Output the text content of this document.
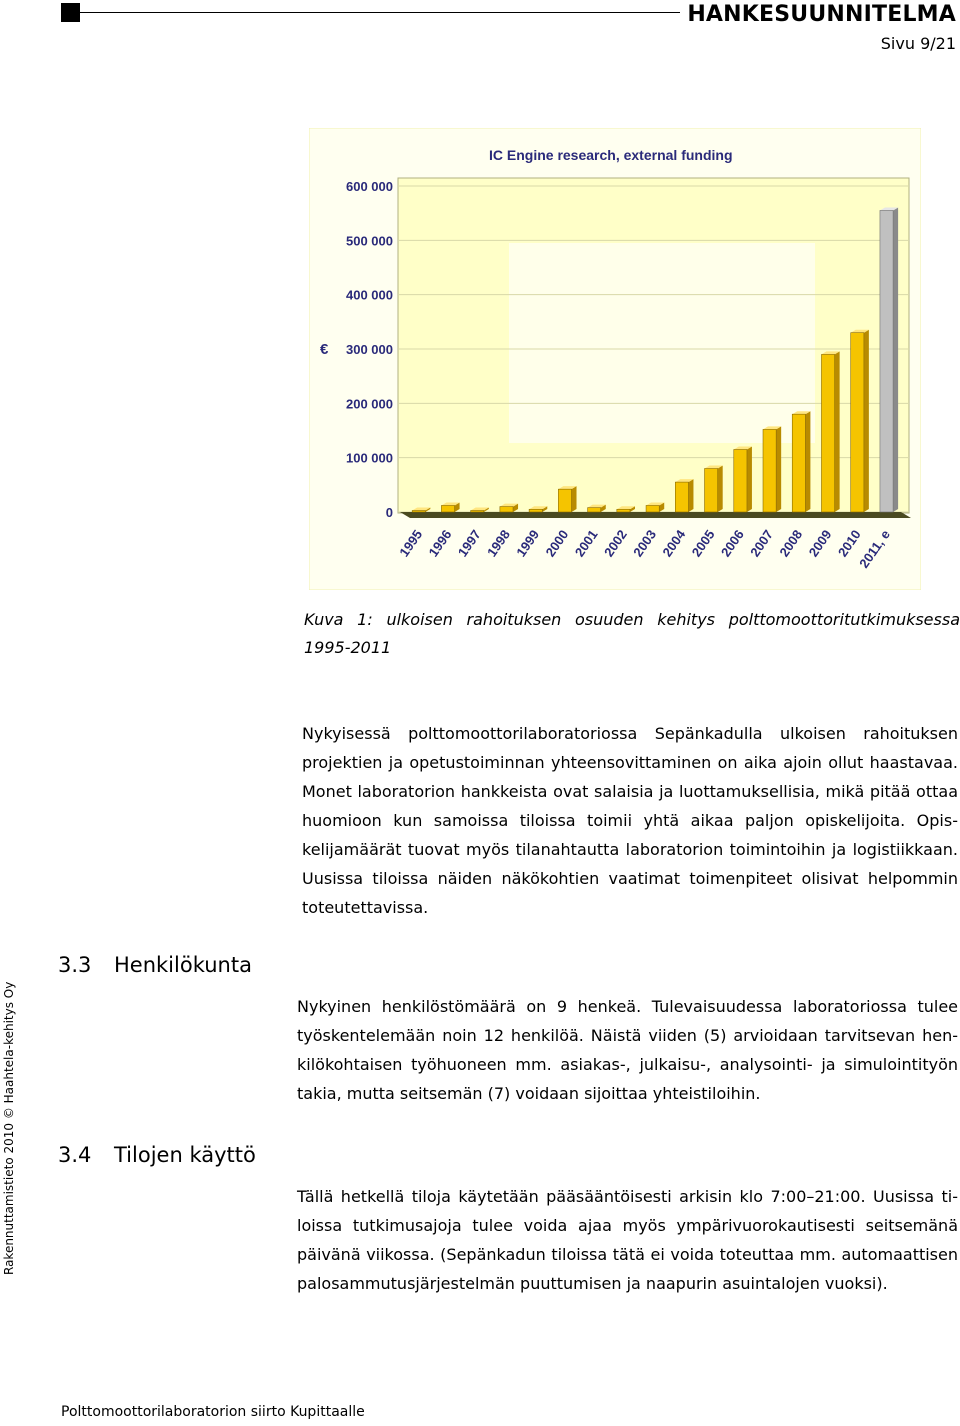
HANKESUUNNITELMA
Sivu 9/21
Rakennuttamistieto 2010 © Haahtela-kehitys Oy
IC Engine research, external funding
€
0
100 000
200 000
300 000
400 000
500 000
600 000
1995 1996 1997 1998 1999 2000 2001 2002 2003 2004 2005 2006 2007 2008 2009 2010
2011, e
Kuva 1: ulkoisen rahoituksen osuuden kehitys polttomoottoritutkimuksessa
1995-2011
Nykyisessä polttomoottorilaboratoriossa Sepänkadulla ulkoisen rahoituksen projektien ja opetustoiminnan yhteensovittaminen on aika ajoin ollut haastavaa. Monet laboratorion hankkeista ovat salaisia ja luottamuksellisia, mikä pitää ottaa huomioon kun samoissa tiloissa toimii yhtä aikaa paljon opiskelijoita. Opiskelijamäärät tuovat myös tilanahtautta laboratorion toimintoihin ja logistiikkaan. Uusissa tiloissa näiden näkökohtien vaatimat toimenpiteet olisivat helpommin toteutettavissa.
3.3 Henkilökunta
Nykyinen henkilöstömäärä on 9 henkeä. Tulevaisuudessa laboratoriossa tulee työskentelemään noin 12 henkilöä. Näistä viiden (5) arvioidaan tarvitsevan henkilökohtaisen työhuoneen mm. asiakas-, julkaisu-, analysointi- ja simulointityön takia, mutta seitsemän (7) voidaan sijoittaa yhteistiloihin.
3.4 Tilojen käyttö
Tällä hetkellä tiloja käytetään pääsääntöisesti arkisin klo 7:00–21:00. Uusissa tiloissa tutkimusajoja tulee voida ajaa myös ympärivuorokautisesti seitsemänä päivänä viikossa. (Sepänkadun tiloissa tätä ei voida toteuttaa mm. automaattisen palosammutusjärjestelmän puuttumisen ja naapurin asuintalojen vuoksi).
Polttomoottorilaboratorion siirto Kupittaalle
